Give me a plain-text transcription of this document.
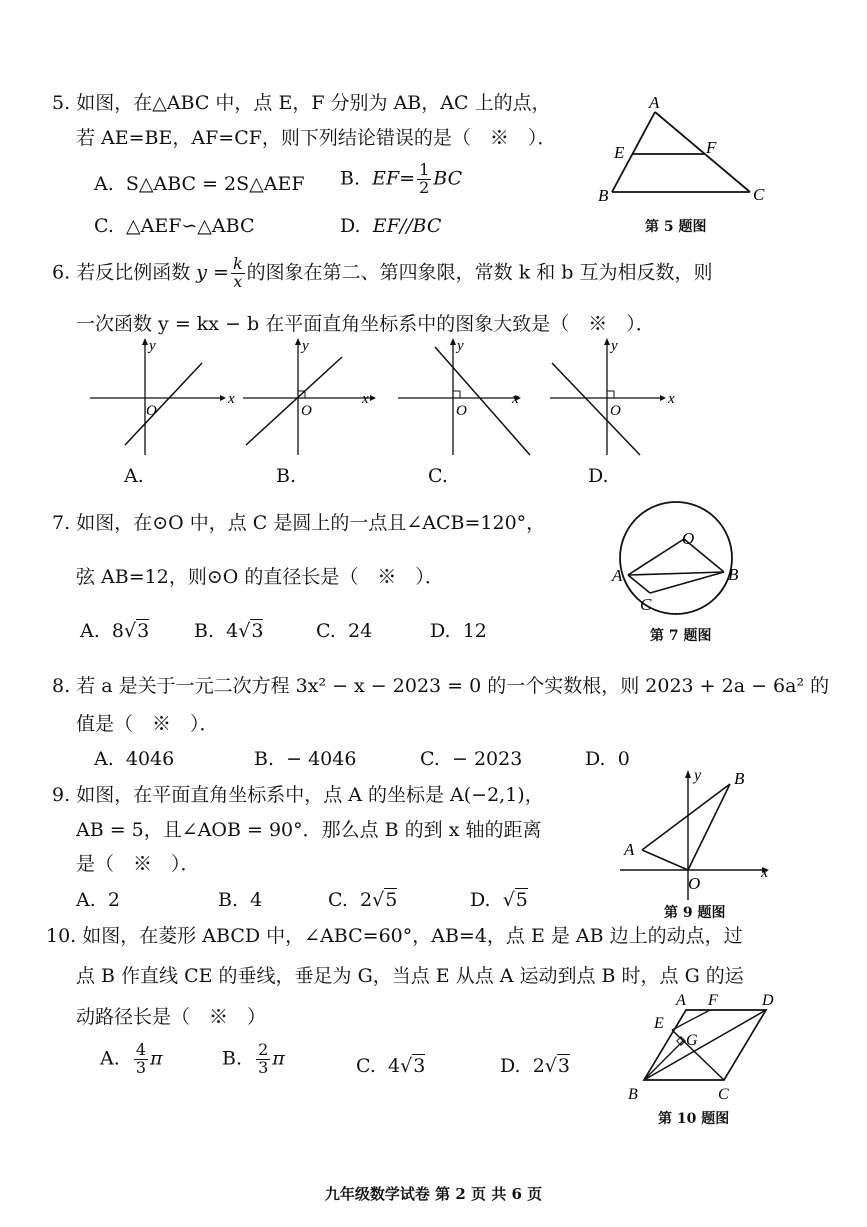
5. 如图，在△ABC 中，点 E，F 分别为 AB，AC 上的点，
若 AE=BE，AF=CF，则下列结论错误的是（　※　）．
A. S△ABC = 2S△AEF B. $EF= \frac{1}{2}$ BC
C. △AEF∽△ABC	D. EF//BC
A
E	F
B	C
第 5 题图
6. 若反比例函数 $y = \frac{k}{x}$ 的图象在第二、第四象限，常数 k 和 b 互为相反数，则
一次函数 y = kx − b 在平面直角坐标系中的图象大致是（　※　）．
x
y
O
x
y
O
x
y
O
x
y
O
A.	B.	C.	D.
7. 如图，在⊙O 中，点 C 是圆上的一点且∠ACB=120°，
弦 AB=12，则⊙O 的直径长是（　※　）．
A. 8√3 B. 4√3	C. 24	D. 12
O
A	B
C
第 7 题图
8. 若 a 是关于一元二次方程 3x² − x − 2023 = 0 的一个实数根，则 2023 + 2a − 6a² 的
值是（　※　）．
A. 4046	B. − 4046	C. − 2023	D. 0
9. 如图，在平面直角坐标系中，点 A 的坐标是 A(−2,1)，
AB = 5，且∠AOB = 90°．那么点 B 的到 x 轴的距离
是（　※　）．
A. 2	B. 4	C. 2√5	D.  √5
y B
A
O
x
第 9 题图
10. 如图，在菱形 ABCD 中，∠ABC=60°，AB=4，点 E 是 AB 边上的动点，过
点 B 作直线 CE 的垂线，垂足为 G，当点 E 从点 A 运动到点 B 时，点 G 的运
动路径长是（　※　）
A. $\frac{4}{3}$ π	B. $\frac{2}{3}$ π	C. 4√3	D. 2√3
A F	D
E
G
B	C
第 10 题图
九年级数学试卷 第 2 页 共 6 页
